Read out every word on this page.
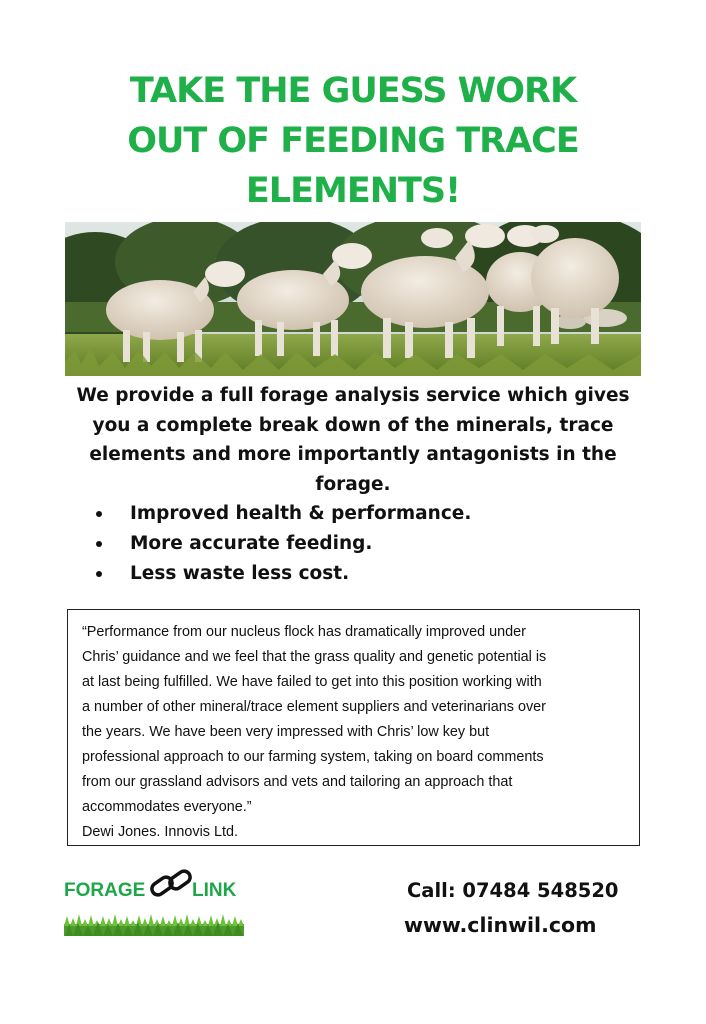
TAKE THE GUESS WORK
OUT OF FEEDING TRACE
ELEMENTS!
We provide a full forage analysis service which gives
you a complete break down of the minerals, trace
elements and more importantly antagonists in the
forage.
Improved health & performance.
More accurate feeding.
Less waste less cost.
“Performance from our nucleus flock has dramatically improved under
Chris’ guidance and we feel that the grass quality and genetic potential is
at last being fulfilled. We have failed to get into this position working with
a number of other mineral/trace element suppliers and veterinarians over
the years. We have been very impressed with Chris’ low key but
professional approach to our farming system, taking on board comments
from our grassland advisors and vets and tailoring an approach that
accommodates everyone.”
Dewi Jones. Innovis Ltd.
FORAGE LINK	Call: 07484 548520
www.clinwil.com
